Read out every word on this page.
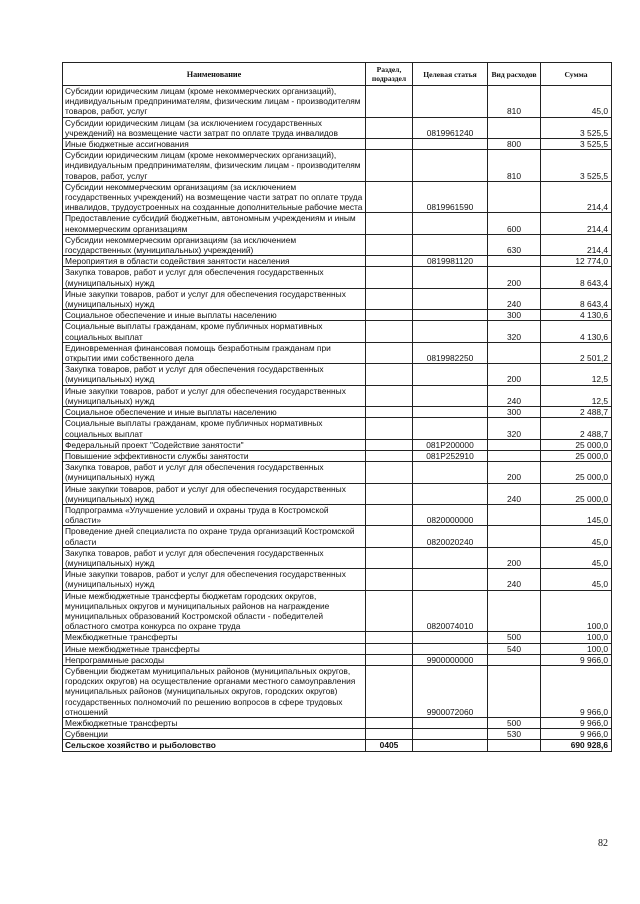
Наименование	Раздел, подраздел	Целевая статья	Вид расходов	Сумма
Субсидии юридическим лицам (кроме некоммерческих организаций), индивидуальным предпринимателям, физическим лицам - производителям товаров, работ, услуг			810	45,0
Субсидии юридическим лицам (за исключением государственных учреждений) на возмещение части затрат по оплате труда инвалидов		0819961240		3 525,5
Иные бюджетные ассигнования			800	3 525,5
Субсидии юридическим лицам (кроме некоммерческих организаций), индивидуальным предпринимателям, физическим лицам - производителям товаров, работ, услуг			810	3 525,5
Субсидии некоммерческим организациям (за исключением государственных учреждений) на возмещение части затрат по оплате труда инвалидов, трудоустроенных на созданные дополнительные рабочие места		0819961590		214,4
Предоставление субсидий бюджетным, автономным учреждениям и иным некоммерческим организациям			600	214,4
Субсидии некоммерческим организациям (за исключением государственных (муниципальных) учреждений)			630	214,4
Мероприятия в области содействия занятости населения		0819981120		12 774,0
Закупка товаров, работ и услуг для обеспечения государственных (муниципальных) нужд			200	8 643,4
Иные закупки товаров, работ и услуг для обеспечения государственных (муниципальных) нужд			240	8 643,4
Социальное обеспечение и иные выплаты населению			300	4 130,6
Социальные выплаты гражданам, кроме публичных нормативных социальных выплат			320	4 130,6
Единовременная финансовая помощь безработным гражданам при открытии ими собственного дела		0819982250		2 501,2
Закупка товаров, работ и услуг для обеспечения государственных (муниципальных) нужд			200	12,5
Иные закупки товаров, работ и услуг для обеспечения государственных (муниципальных) нужд			240	12,5
Социальное обеспечение и иные выплаты населению			300	2 488,7
Социальные выплаты гражданам, кроме публичных нормативных социальных выплат			320	2 488,7
Федеральный проект "Содействие занятости"		081P200000		25 000,0
Повышение эффективности службы занятости		081P252910		25 000,0
Закупка товаров, работ и услуг для обеспечения государственных (муниципальных) нужд			200	25 000,0
Иные закупки товаров, работ и услуг для обеспечения государственных (муниципальных) нужд			240	25 000,0
Подпрограмма «Улучшение условий и охраны труда в Костромской области»		0820000000		145,0
Проведение дней специалиста по охране труда организаций Костромской области		0820020240		45,0
Закупка товаров, работ и услуг для обеспечения государственных (муниципальных) нужд			200	45,0
Иные закупки товаров, работ и услуг для обеспечения государственных (муниципальных) нужд			240	45,0
Иные межбюджетные трансферты бюджетам городских округов, муниципальных округов и муниципальных районов на награждение муниципальных образований Костромской области - победителей областного смотра конкурса по охране труда		0820074010		100,0
Межбюджетные трансферты			500	100,0
Иные межбюджетные трансферты			540	100,0
Непрограммные расходы		9900000000		9 966,0
Субвенции бюджетам муниципальных районов (муниципальных округов, городских округов) на осуществление органами местного самоуправления муниципальных районов (муниципальных округов, городских округов) государственных полномочий по решению вопросов в сфере трудовых отношений		9900072060		9 966,0
Межбюджетные трансферты			500	9 966,0
Субвенции			530	9 966,0
Сельское хозяйство и рыболовство	0405			690 928,6
82
